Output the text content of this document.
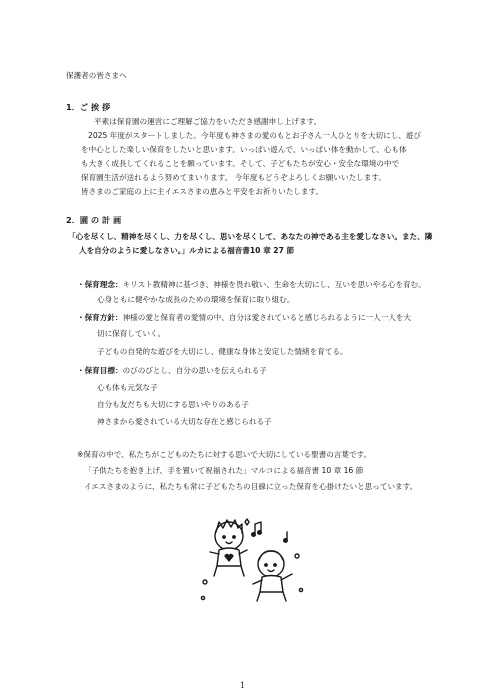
保護者の皆さまへ

1．ご 挨 拶

平素は保育園の運営にご理解ご協力をいただき感謝申し上げます。

2025 年度がスタートしました。今年度も神さまの愛のもとお子さん一人ひとりを大切にし、遊び

を中心とした楽しい保育をしたいと思います。いっぱい遊んで、いっぱい体を動かして、心も体

も大きく成長してくれることを願っています。そして、子どもたちが安心・安全な環境の中で

保育園生活が送れるよう努めてまいります。 今年度もどうぞよろしくお願いいたします。

皆さまのご家庭の上に主イエスさまの恵みと平安をお祈りいたします。

2．園 の 計 画

「心を尽くし、精神を尽くし、力を尽くし、思いを尽くして、あなたの神である主を愛しなさい。また、隣

人を自分のように愛しなさい。」ルカによる福音書10 章 27 節

・保育理念：キリスト教精神に基づき、神様を畏れ敬い、生命を大切にし、互いを思いやる心を育む。

心身ともに健やかな成長のための環境を保育に取り組む。

・保育方針：神様の愛と保育者の愛情の中、自分は愛されていると感じられるように一人一人を大

切に保育していく。

子どもの自発的な遊びを大切にし、健康な身体と安定した情緒を育てる。

・保育目標：のびのびとし、自分の思いを伝えられる子

心も体も元気な子

自分も友だちも大切にする思いやりのある子

神さまから愛されている大切な存在と感じられる子

※保育の中で、私たちがこどものたちに対する思いで大切にしている聖書の言葉です。

「子供たちを抱き上げ、手を置いて祝福された」マルコによる福音書 10 章 16 節

イエスさまのように、私たちも常に子どもたちの目線に立った保育を心掛けたいと思っています。

1
